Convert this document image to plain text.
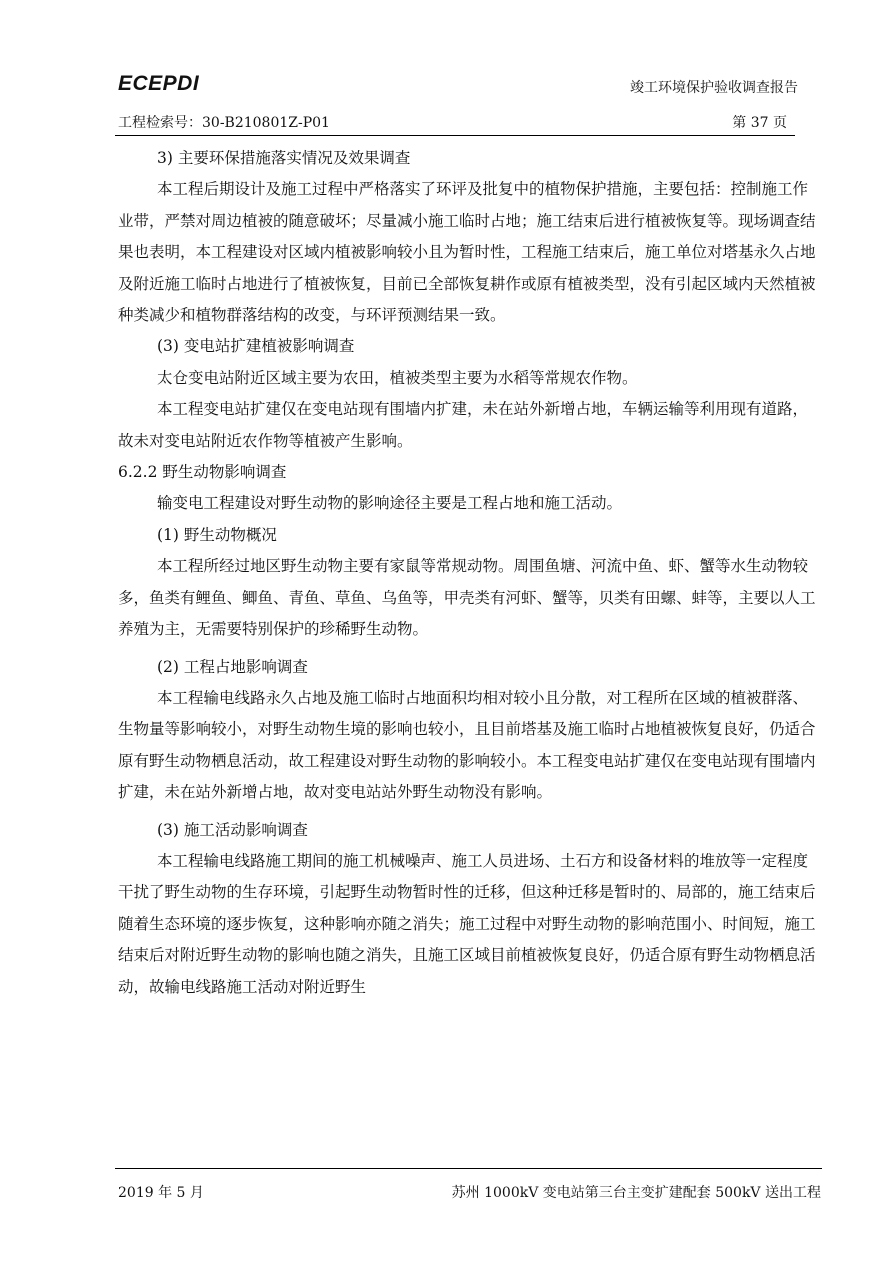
ECEPDI	竣工环境保护验收调查报告
工程检索号：30-B210801Z-P01	第 37 页

3) 主要环保措施落实情况及效果调查

本工程后期设计及施工过程中严格落实了环评及批复中的植物保护措施，主要包括：控制施工作业带，严禁对周边植被的随意破坏；尽量减小施工临时占地；施工结束后进行植被恢复等。现场调查结果也表明，本工程建设对区域内植被影响较小且为暂时性，工程施工结束后，施工单位对塔基永久占地及附近施工临时占地进行了植被恢复，目前已全部恢复耕作或原有植被类型，没有引起区域内天然植被种类减少和植物群落结构的改变，与环评预测结果一致。

(3) 变电站扩建植被影响调查

太仓变电站附近区域主要为农田，植被类型主要为水稻等常规农作物。

本工程变电站扩建仅在变电站现有围墙内扩建，未在站外新增占地，车辆运输等利用现有道路，故未对变电站附近农作物等植被产生影响。

6.2.2 野生动物影响调查

输变电工程建设对野生动物的影响途径主要是工程占地和施工活动。

(1) 野生动物概况

本工程所经过地区野生动物主要有家鼠等常规动物。周围鱼塘、河流中鱼、虾、蟹等水生动物较多，鱼类有鲤鱼、鲫鱼、青鱼、草鱼、乌鱼等，甲壳类有河虾、蟹等，贝类有田螺、蚌等，主要以人工养殖为主，无需要特别保护的珍稀野生动物。

(2) 工程占地影响调查

本工程输电线路永久占地及施工临时占地面积均相对较小且分散，对工程所在区域的植被群落、生物量等影响较小，对野生动物生境的影响也较小，且目前塔基及施工临时占地植被恢复良好，仍适合原有野生动物栖息活动，故工程建设对野生动物的影响较小。本工程变电站扩建仅在变电站现有围墙内扩建，未在站外新增占地，故对变电站站外野生动物没有影响。

(3) 施工活动影响调查

本工程输电线路施工期间的施工机械噪声、施工人员进场、土石方和设备材料的堆放等一定程度干扰了野生动物的生存环境，引起野生动物暂时性的迁移，但这种迁移是暂时的、局部的，施工结束后随着生态环境的逐步恢复，这种影响亦随之消失；施工过程中对野生动物的影响范围小、时间短，施工结束后对附近野生动物的影响也随之消失，且施工区域目前植被恢复良好，仍适合原有野生动物栖息活动，故输电线路施工活动对附近野生

2019 年 5 月	苏州 1000kV 变电站第三台主变扩建配套 500kV 送出工程
